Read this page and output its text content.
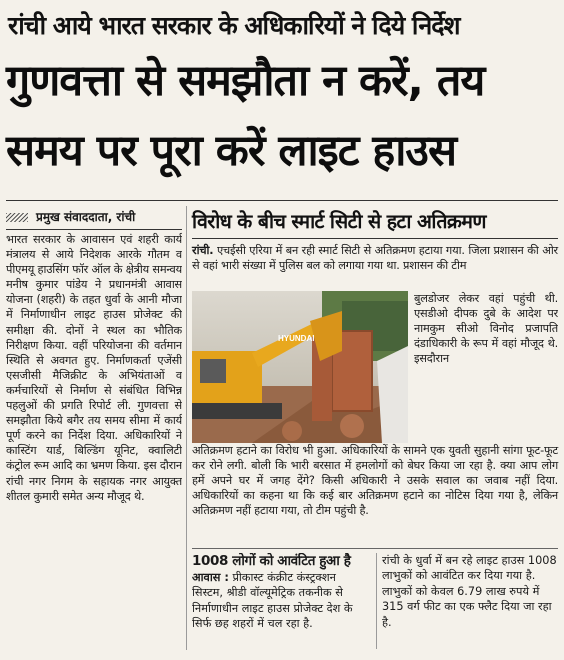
रांची आये भारत सरकार के अधिकारियों ने दिये निर्देश
गुणवत्ता से समझौता न करें, तय
समय पर पूरा करें लाइट हाउस
प्रमुख संवाददाता, रांची
भारत सरकार के आवासन एवं शहरी कार्य मंत्रालय से आये निदेशक आरके गौतम व पीएमयू हाउसिंग फॉर ऑल के क्षेत्रीय समन्वय मनीष कुमार पांडेय ने प्रधानमंत्री आवास योजना (शहरी) के तहत धुर्वा के आनी मौजा में निर्माणाधीन लाइट हाउस प्रोजेक्ट की समीक्षा की. दोनों ने स्थल का भौतिक निरीक्षण किया. वहीं परियोजना की वर्तमान स्थिति से अवगत हुए. निर्माणकर्ता एजेंसी एसजीसी मैजिक्रीट के अभियंताओं व कर्मचारियों से निर्माण से संबंधित विभिन्न पहलुओं की प्रगति रिपोर्ट ली. गुणवत्ता से समझौता किये बगैर तय समय सीमा में कार्य पूर्ण करने का निर्देश दिया. अधिकारियों ने कास्टिंग यार्ड, बिल्डिंग यूनिट, क्वालिटी कंट्रोल रूम आदि का भ्रमण किया. इस दौरान रांची नगर निगम के सहायक नगर आयुक्त शीतल कुमारी समेत अन्य मौजूद थे.
विरोध के बीच स्मार्ट सिटी से हटा अतिक्रमण
रांची. एचईसी एरिया में बन रही स्मार्ट सिटी से अतिक्रमण हटाया गया. जिला प्रशासन की ओर से वहां भारी संख्या में पुलिस बल को लगाया गया था. प्रशासन की टीम
HYUNDAI

बुलडोजर लेकर वहां पहुंची थी. एसडीओ दीपक दुबे के आदेश पर नामकुम सीओ विनोद प्रजापति दंडाधिकारी के रूप में वहां मौजूद थे. इसदौरान

अतिक्रमण हटाने का विरोध भी हुआ. अधिकारियों के सामने एक युवती सुहानी सांगा फूट-फूट कर रोने लगी. बोली कि भारी बरसात में हमलोगों को बेघर किया जा रहा है. क्या आप लोग हमें अपने घर में जगह देंगे? किसी अधिकारी ने उसके सवाल का जवाब नहीं दिया. अधिकारियों का कहना था कि कई बार अतिक्रमण हटाने का नोटिस दिया गया है, लेकिन अतिक्रमण नहीं हटाया गया, तो टीम पहुंची है.
1008 लोगों को आवंटित हुआ है
आवास : प्रीकास्ट कंक्रीट कंस्ट्रक्शन सिस्टम, श्रीडी वॉल्यूमेट्रिक तकनीक से निर्माणाधीन लाइट हाउस प्रोजेक्ट देश के सिर्फ छह शहरों में चल रहा है.
रांची के धुर्वा में बन रहे लाइट हाउस 1008 लाभुकों को आवंटित कर दिया गया है. लाभुकों को केवल 6.79 लाख रुपये में 315 वर्ग फीट का एक फ्लैट दिया जा रहा है.
